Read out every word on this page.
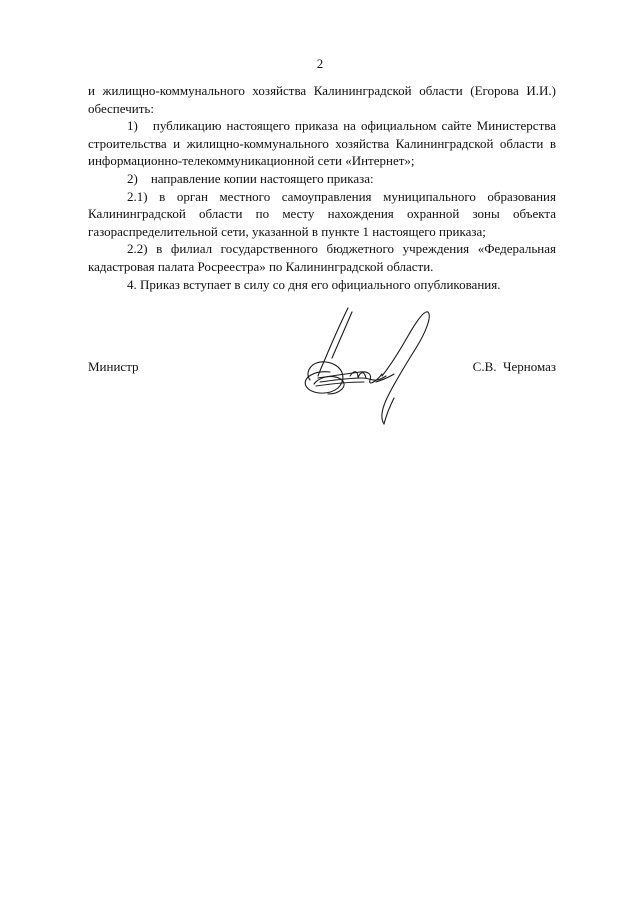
2

и жилищно-коммунального хозяйства Калининградской области (Егорова И.И.) обеспечить:

1)   публикацию настоящего приказа на официальном сайте Министерства строительства и жилищно-коммунального хозяйства Калининградской области в информационно-телекоммуникационной сети «Интернет»;

2)    направление копии настоящего приказа:

2.1) в орган местного самоуправления муниципального образования Калининградской области по месту нахождения охранной зоны объекта газораспределительной сети, указанной в пункте 1 настоящего приказа;

2.2) в филиал государственного бюджетного учреждения «Федеральная кадастровая палата Росреестра» по Калининградской области.

4. Приказ вступает в силу со дня его официального опубликования.

Министр	С.В.  Черномаз
